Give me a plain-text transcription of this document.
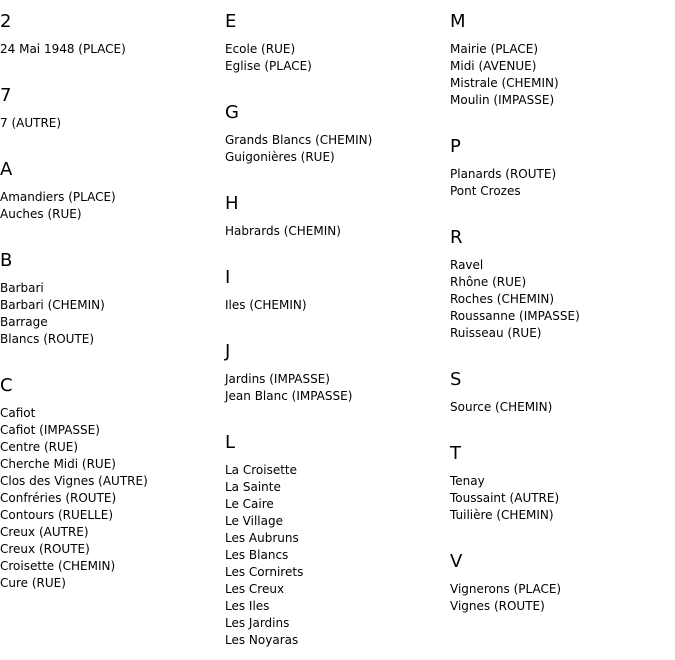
2
24 Mai 1948 (PLACE)
7
7 (AUTRE)
A
Amandiers (PLACE)
Auches (RUE)
B
Barbari
Barbari (CHEMIN)
Barrage
Blancs (ROUTE)
C
Cafiot
Cafiot (IMPASSE)
Centre (RUE)
Cherche Midi (RUE)
Clos des Vignes (AUTRE)
Confréries (ROUTE)
Contours (RUELLE)
Creux (AUTRE)
Creux (ROUTE)
Croisette (CHEMIN)
Cure (RUE)
E
Ecole (RUE)
Eglise (PLACE)
G
Grands Blancs (CHEMIN)
Guigonières (RUE)
H
Habrards (CHEMIN)
I
Iles (CHEMIN)
J
Jardins (IMPASSE)
Jean Blanc (IMPASSE)
L
La Croisette
La Sainte
Le Caire
Le Village
Les Aubruns
Les Blancs
Les Cornirets
Les Creux
Les Iles
Les Jardins
Les Noyaras
M
Mairie (PLACE)
Midi (AVENUE)
Mistrale (CHEMIN)
Moulin (IMPASSE)
P
Planards (ROUTE)
Pont Crozes
R
Ravel
Rhône (RUE)
Roches (CHEMIN)
Roussanne (IMPASSE)
Ruisseau (RUE)
S
Source (CHEMIN)
T
Tenay
Toussaint (AUTRE)
Tuilière (CHEMIN)
V
Vignerons (PLACE)
Vignes (ROUTE)
